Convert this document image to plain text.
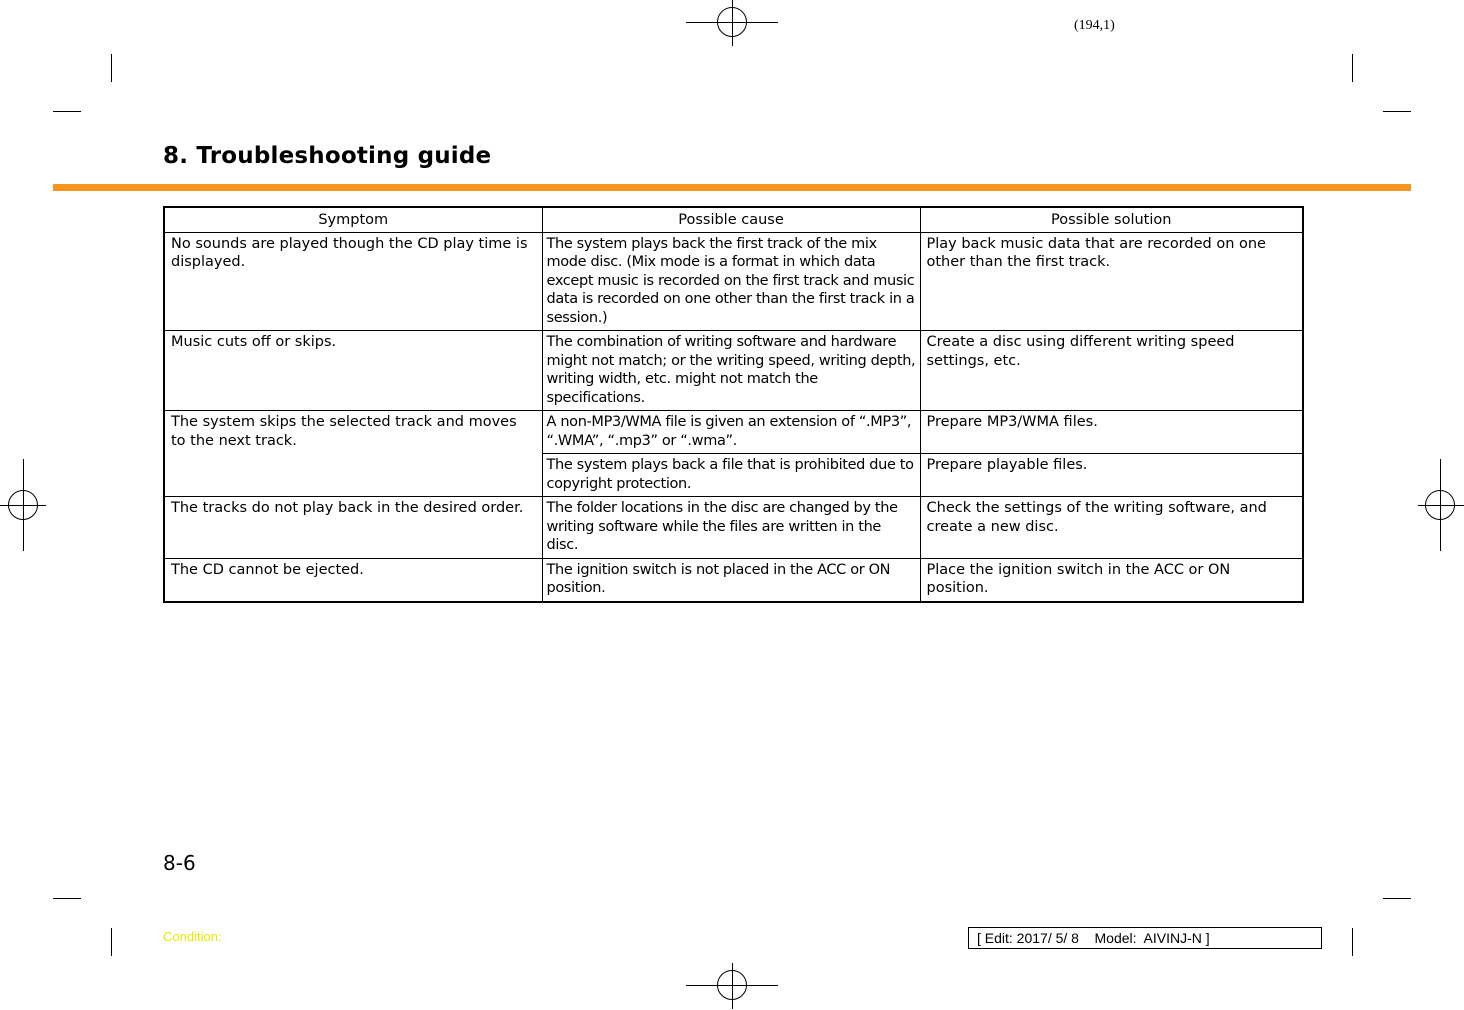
(194,1)
8. Troubleshooting guide
Symptom	Possible cause	Possible solution
No sounds are played though the CD play time is displayed.	The system plays back the first track of the mix mode disc. (Mix mode is a format in which data except music is recorded on the first track and music data is recorded on one other than the first track in a session.)	Play back music data that are recorded on one other than the first track.
Music cuts off or skips.	The combination of writing software and hardware might not match; or the writing speed, writing depth, writing width, etc. might not match the specifications.	Create a disc using different writing speed settings, etc.
The system skips the selected track and moves to the next track.	A non-MP3/WMA file is given an extension of “.MP3”, “.WMA”, “.mp3” or “.wma”.	Prepare MP3/WMA files.
	The system plays back a file that is prohibited due to copyright protection.	Prepare playable files.
The tracks do not play back in the desired order.	The folder locations in the disc are changed by the writing software while the files are written in the disc.	Check the settings of the writing software, and create a new disc.
The CD cannot be ejected.	The ignition switch is not placed in the ACC or ON position.	Place the ignition switch in the ACC or ON position.
8-6
Condition:	[ Edit: 2017/ 5/ 8    Model:  AIVINJ-N ]
